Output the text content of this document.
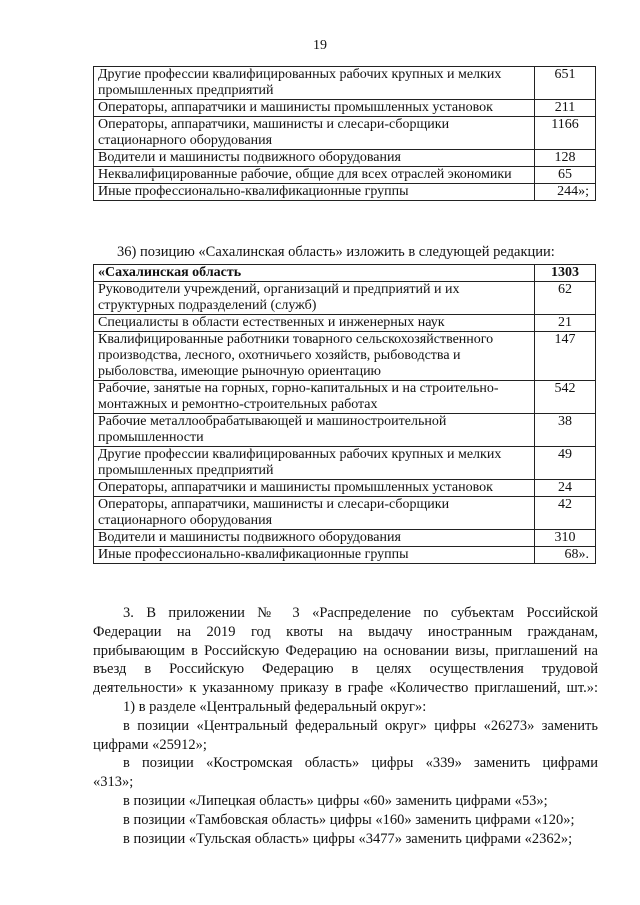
19
Другие профессии квалифицированных рабочих крупных и мелких промышленных предприятий	651
Операторы, аппаратчики и машинисты промышленных установок	211
Операторы, аппаратчики, машинисты и слесари-сборщики стационарного оборудования	1166
Водители и машинисты подвижного оборудования	128
Неквалифицированные рабочие, общие для всех отраслей экономики	65
Иные профессионально-квалификационные группы	244»;
36) позицию «Сахалинская область» изложить в следующей редакции:
«Сахалинская область	1303
Руководители учреждений, организаций и предприятий и их структурных подразделений (служб)	62
Специалисты в области естественных и инженерных наук	21
Квалифицированные работники товарного сельскохозяйственного производства, лесного, охотничьего хозяйств, рыбоводства и рыболовства, имеющие рыночную ориентацию	147
Рабочие, занятые на горных, горно-капитальных и на строительно-монтажных и ремонтно-строительных работах	542
Рабочие металлообрабатывающей и машиностроительной промышленности	38
Другие профессии квалифицированных рабочих крупных и мелких промышленных предприятий	49
Операторы, аппаратчики и машинисты промышленных установок	24
Операторы, аппаратчики, машинисты и слесари-сборщики стационарного оборудования	42
Водители и машинисты подвижного оборудования	310
Иные профессионально-квалификационные группы	68».

3. В приложении № 3 «Распределение по субъектам Российской

Федерации на 2019 год квоты на выдачу иностранным гражданам,

прибывающим в Российскую Федерацию на основании визы, приглашений на

въезд в Российскую Федерацию в целях осуществления трудовой

деятельности» к указанному приказу в графе «Количество приглашений, шт.»:

1) в разделе «Центральный федеральный округ»:

в позиции «Центральный федеральный округ» цифры «26273» заменить

цифрами «25912»;

в позиции «Костромская область» цифры «339» заменить цифрами

«313»;

в позиции «Липецкая область» цифры «60» заменить цифрами «53»;

в позиции «Тамбовская область» цифры «160» заменить цифрами «120»;

в позиции «Тульская область» цифры «3477» заменить цифрами «2362»;
